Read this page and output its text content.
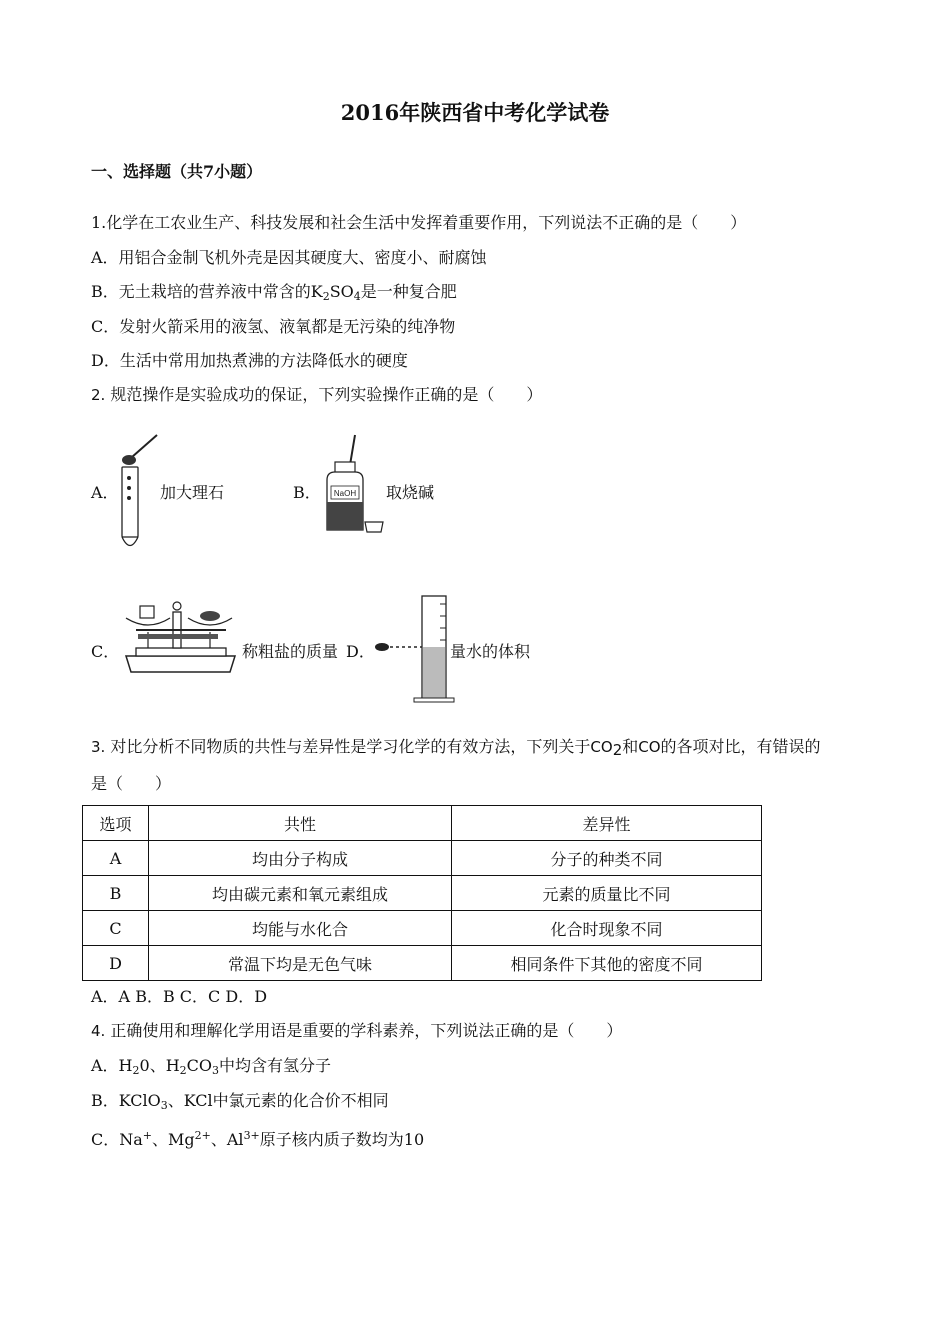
2016年陕西省中考化学试卷
一、选择题（共7小题）
1.化学在工农业生产、科技发展和社会生活中发挥着重要作用，下列说法不正确的是（　　）
A．用铝合金制飞机外壳是因其硬度大、密度小、耐腐蚀
B．无土栽培的营养液中常含的$K_2SO_4$是一种复合肥
C．发射火箭采用的液氢、液氧都是无污染的纯净物
D．生活中常用加热煮沸的方法降低水的硬度
2. 规范操作是实验成功的保证，下列实验操作正确的是（　　）
A．	加大理石	B． NaOH 取烧碱
C．	称粗盐的质量 D．	量水的体积
3. 对比分析不同物质的共性与差异性是学习化学的有效方法，下列关于CO2和CO的各项对比，有错误的
是（　　）
选项	共性	差异性
A	均由分子构成	分子的种类不同
B	均由碳元素和氧元素组成	元素的质量比不同
C	均能与水化合	化合时现象不同
D	常温下均是无色气味	相同条件下其他的密度不同
A．A B．B C．C D．D
4. 正确使用和理解化学用语是重要的学科素养，下列说法正确的是（　　）
A．$H_20$、$H_2CO_3$中均含有氢分子
B．KClO$_3$、KCl中氯元素的化合价不相同
C．Na+、$Mg^{2+}$、$Al^{3+}$原子核内质子数均为10
